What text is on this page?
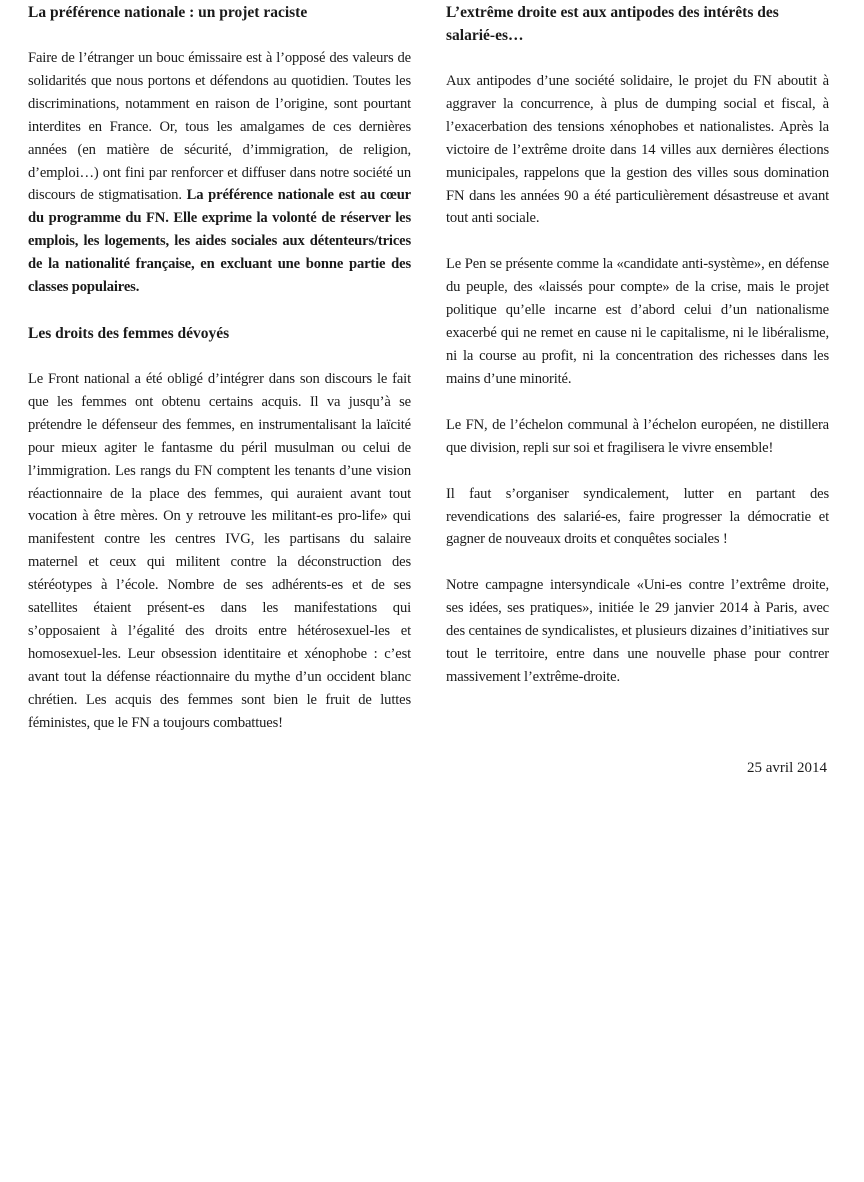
La préférence nationale : un projet raciste

Faire de l’étranger un bouc émissaire est à l’opposé des valeurs de solidarités que nous portons et défendons au quotidien. Toutes les discriminations, notamment en raison de l’origine, sont pourtant interdites en France. Or, tous les amalgames de ces dernières années (en matière de sécurité, d’immigration, de religion, d’emploi…) ont fini par renforcer et diffuser dans notre société un discours de stigmatisation. La préférence nationale est au cœur du programme du FN. Elle exprime la volonté de réserver les emplois, les logements, les aides sociales aux détenteurs/trices de la nationalité française, en excluant une bonne partie des classes populaires.

Les droits des femmes dévoyés

Le Front national a été obligé d’intégrer dans son discours le fait que les femmes ont obtenu certains acquis. Il va jusqu’à se prétendre le défenseur des femmes, en instrumentalisant la laïcité pour mieux agiter le fantasme du péril musulman ou celui de l’immigration. Les rangs du FN comptent les tenants d’une vision réactionnaire de la place des femmes, qui auraient avant tout vocation à être mères. On y retrouve les militant-es pro-life» qui manifestent contre les centres IVG, les partisans du salaire maternel et ceux qui militent contre la déconstruction des stéréotypes à l’école. Nombre de ses adhérents-es et de ses satellites étaient présent-es dans les manifestations qui s’opposaient à l’égalité des droits entre hétérosexuel-les et homosexuel-les. Leur obsession identitaire et xénophobe : c’est avant tout la défense réactionnaire du mythe d’un occident blanc chrétien. Les acquis des femmes sont bien le fruit de luttes féministes, que le FN a toujours combattues!

L’extrême droite est aux antipodes des intérêts des salarié-es…

Aux antipodes d’une société solidaire, le projet du FN aboutit à aggraver la concurrence, à plus de dumping social et fiscal, à l’exacerbation des tensions xénophobes et nationalistes. Après la victoire de l’extrême droite dans 14 villes aux dernières élections municipales, rappelons que la gestion des villes sous domination FN dans les années 90 a été particulièrement désastreuse et avant tout anti sociale.

Le Pen se présente comme la «candidate anti-système», en défense du peuple, des «laissés pour compte» de la crise, mais le projet politique qu’elle incarne est d’abord celui d’un nationalisme exacerbé qui ne remet en cause ni le capitalisme, ni le libéralisme, ni la course au profit, ni la concentration des richesses dans les mains d’une minorité.

Le FN, de l’échelon communal à l’échelon européen, ne distillera que division, repli sur soi et fragilisera le vivre ensemble!

Il faut s’organiser syndicalement, lutter en partant des revendications des salarié-es, faire progresser la démocratie et gagner de nouveaux droits et conquêtes sociales !

Notre campagne intersyndicale «Uni-es contre l’extrême droite, ses idées, ses pratiques», initiée le 29 janvier 2014 à Paris, avec des centaines de syndicalistes, et plusieurs dizaines d’initiatives sur tout le territoire, entre dans une nouvelle phase pour contrer massivement l’extrême-droite.

25 avril 2014
